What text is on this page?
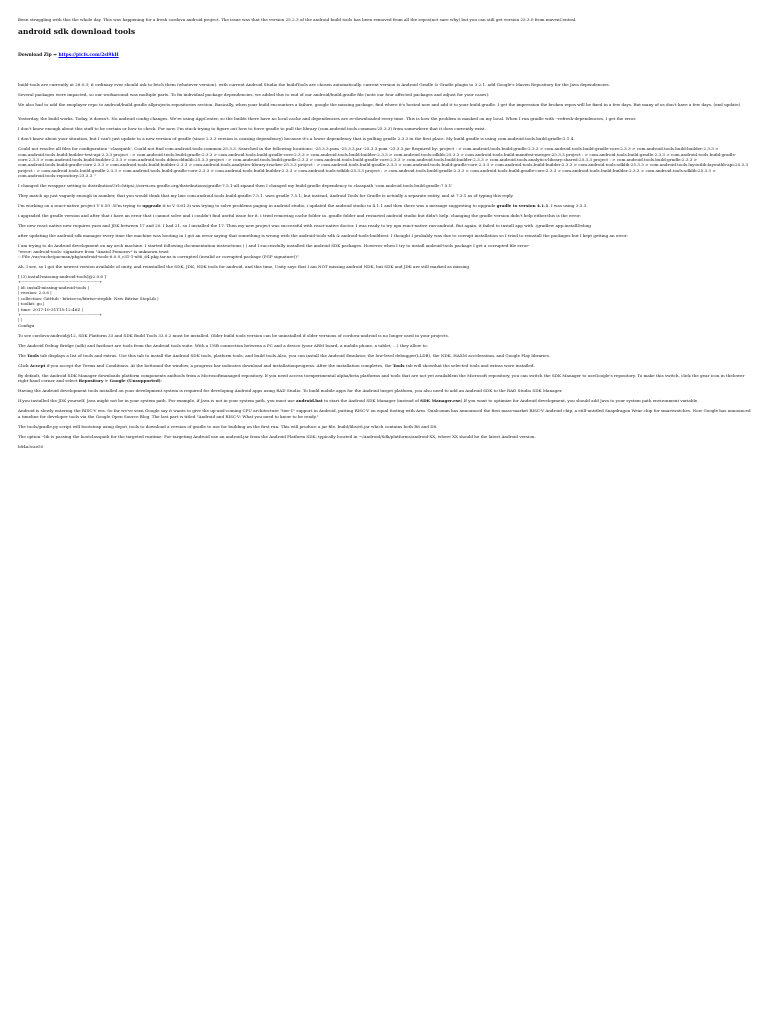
Been struggling with this the whole day. This was happening for a fresh cordova android project. The issue was that the version 25.2.3 of the android build tools has been removed from all the repos(not sure why) but you can still get version 25.3.0 from mavenCentral.

android sdk download tools

Download Zip ⇒ https://picfs.com/2sl9kH

build-tools are currently at 28.0.3; it ordinary ever should ask to fetch them (whatever version). with current Android Studio the buildTools are chosen automatically. current version is Android Gradle & Gradle plugin to 3.2.1. add Google's Maven Repository for the Java dependencies.

Several packages were impacted, so our workaround was multiple parts. To fix individual package dependencies, we added this to end of our android/build.gradle file (note our four affected packages and adjust for your cases):

We also had to add the exoplayer repo to android/build.gradle allprojects.repositories section. Basically, when your build encounters a failure, google the missing package, find where it's hosted now and add it to your build.gradle. I get the impression the broken repos will be fixed in a few days. But many of us don't have a few days. (end update)

Yesterday, the build works. Today, it doesn't. No android config changes. We're using AppCenter, so the builds there have no local cache and dependencies are re-downloaded every time. This is how the problem is masked on my local. When I run gradle with --refresh-dependencies, I get the error.

I don't know enough about this stuff to be certain or how to check. For now, I'm stuck trying to figure out how to force gradle to pull the library (com.android.tools.common:25.3.3) from somewhere that it does currently exist.

I don't know about your situation, but I can't just update to a new version of gradle (since 2.3.3 version is causing dependency) because it's a lower dependency that is pulling gradle 2.3.3 in the first place. My build.gradle is using com.android.tools.build:gradle:2.1.4.

Could not resolve all files for configuration ':classpath'. Could not find com.android.tools:common:25.3.3. Searched in the following locations: -25.3.3.pom -25.3.3.jar -25.3.3.pom -25.3.3.jar Required by: project : > com.android.tools.build:gradle:2.3.3 > com.android.tools.build:gradle-core:2.3.3 > com.android.tools.build:builder:2.3.3 > com.android.tools.build:builder-test-api:2.3.3 project : > com.android.tools.build:gradle:2.3.3 > com.android.tools.build:gradle-core:2.3.3 > com.android.tools.build:builder:2.3.3 > com.android.tools:sdklib:25.3.3 > com.android.tools.build:manifest-merger:25.3.3 project : > com.android.tools.build:gradle:2.3.3 > com.android.tools.build:gradle-core:2.3.3 > com.android.tools.build:builder:2.3.3 > com.android.tools.ddms:ddmlib:25.3.3 project : > com.android.tools.build:gradle:2.3.3 > com.android.tools.build:gradle-core:2.3.3 > com.android.tools.build:builder:2.3.3 > com.android.tools.analytics-library:shared:25.3.3 project : > com.android.tools.build:gradle:2.3.3 > com.android.tools.build:gradle-core:2.3.3 > com.android.tools.build:builder:2.3.3 > com.android.tools.analytics-library:tracker:25.3.3 project : > com.android.tools.build:gradle:2.3.3 > com.android.tools.build:gradle-core:2.3.3 > com.android.tools.build:builder:2.3.3 > com.android.tools:sdklib:25.3.3 > com.android.tools.layoutlib:layoutlib-api:25.3.3 project : > com.android.tools.build:gradle:2.3.3 > com.android.tools.build:gradle-core:2.3.3 > com.android.tools.build:builder:2.3.3 > com.android.tools:sdklib:25.3.3 project : > com.android.tools.build:gradle:2.3.3 > com.android.tools.build:gradle-core:2.3.3 > com.android.tools.build:builder:2.3.3 > com.android.tools:sdklib:25.3.3 > com.android.tools:repository:25.3.3 ''

I changed the wrapper setting to distributionUrl=https\://services.gradle.org/distributions/gradle-7.5.1-all.zipand then I changed my build.gradle dependency to classpath 'com.android.tools.build:gradle:7.5.1'

They match up just vaguely enough in number, that you would think that my line com.android.tools.build:gradle:7.5.1. uses gradle 7.5.1, but instead, Android Tools for Gradle is actually a separate entity, and at 7.3.1 as of typing this reply.

I'm working on a react-native project V 0.59 .5I'm trying to upgrade it to V 0.61.3i was trying to solve problems paging in android studio, i updated the android studio to 4.1.1 and then there was a message suggesting to upgrade gradle to version 4.1.1. I was using 3.5.3.

i upgraded the gradle version and after that i have an error that i cannot solve and i couldn't find useful issue for it. i tried removing cache folder in .gradle folder and restarted android studio but didn't help. changing the gradle version didn't help either.this is the error:

The new react native new requires yarn and JDK between 17 and 20. I had 21, so I installed the 17. Then my new project was successful with react-native doctor. I was ready to try npx react-native run-android. But again, it failed to install app with ./gradlew app:installDebug

after updating the android sdk manager every time the machine was booting in I got an error saying that something is wrong with the android-tools-sdk & android-tools-buildtest. I thought I probably was due to corrupt installation so I tried to reinstall the packages but I kept getting an error:

I am trying to do Android development on my arch machine. I started following documentation instructions ( ) and I successfully installed the android SDK packages. However when I try to install android-tools package I get a corrupted file error-
"error: android-tools: signature from "Anatol Pomozov" is unknown trust
:: File /var/cache/pacman/pkg/android-tools-6.0.0_r31-1-x86_64.pkg.tar.xz is corrupted (invalid or corrupted package (PGP signature))"

Ah, I see, so I got the newest version available of unity, and reinstalled the SDK, JDK, NDK tools for android, and this time, Unity says that I am NOT missing android NDK, but SDK and JDK are still marked as missing

[ (3) install-missing-android-tools]@2.0.6 ]
+--------------------------------------------------------+
| id: install-missing-android-tools |
| version: 2.0.6 |
| collection: GitHub - bitrise-io/bitrise-steplib: New Bitrise StepLib |
| toolkit: go |
| time: 2017-10-31T15:12:46Z |
+--------------------------------------------------------+
| |
Configu

To see cordova-android@12, SDK Platform 33 and SDK Build Tools 33.0.2 must be installed. Older build tools version can be uninstalled if older versions of cordova-android is no longer used in your projects.

The Android Debug Bridge (adb) and fastboot are tools from the Android tools suite. With a USB connection between a PC and a device (your ARM board, a mobile phone, a tablet, ...) they allow to:

The Tools tab displays a list of tools and extras. Use this tab to install the Android SDK tools, platform tools, and build tools.Also, you can install the Android Emulator, the low-level debugger(LLDB), the NDK, HAXM acceleration, and Google Play libraries.

Click Accept if you accept the Terms and Conditions. At the bottomof the window, a progress bar indicates download and installationprogress. After the installation completes, the Tools tab will showthat the selected tools and extras were installed.

By default, the Android SDK Manager downloads platform components andtools from a Microsoftmanaged repository. If you need access toexperimental alpha/beta platforms and tools that are not yet availablein the Microsoft repository, you can switch the SDK Manager to useGoogle's repository. To make this switch, click the gear icon in thelower right-hand corner and select Repository > Google (Unsupported):

Having the Android development tools installed on your development system is required for developing Android apps using RAD Studio. To build mobile apps for the Android target platform, you also need to add an Android SDK to the RAD Studio SDK Manager.

If you installed the JDK yourself, Java might not be in your system path. For example, if Java is not in your system path, you must use android.bat to start the Android SDK Manager (instead of SDK Manager.exe).If you want to optimize for Android development, you should add Java to your system path environment variable.

Android is slowly entering the RISC-V era. So far we've seen Google say it wants to give the up-and-coming CPU architecture "tier-1" support in Android, putting RISC-V on equal footing with Arm. Qualcomm has announced the first mass-market RISC-V Android chip, a still-untitled Snapdragon Wear chip for smartwatches. Now Google has announced a timeline for developer tools via the Google Open Source Blog. The last part is titled "Android and RISC-V: What you need to know to be ready."

The tools/gradle.py script will bootstrap using depot_tools to download a version of gradle to use for building on the first run. This will produce a jar file. build/libs/r8.jar which contains both R8 and D8.

The option --lib is passing the bootclasspath for the targeted runtime. For targeting Android use an android.jar from the Android Platform SDK, typically located in ~/Android/Sdk/platforms/android-XX, where XX should be the latest Android version.

b84a3cae50
